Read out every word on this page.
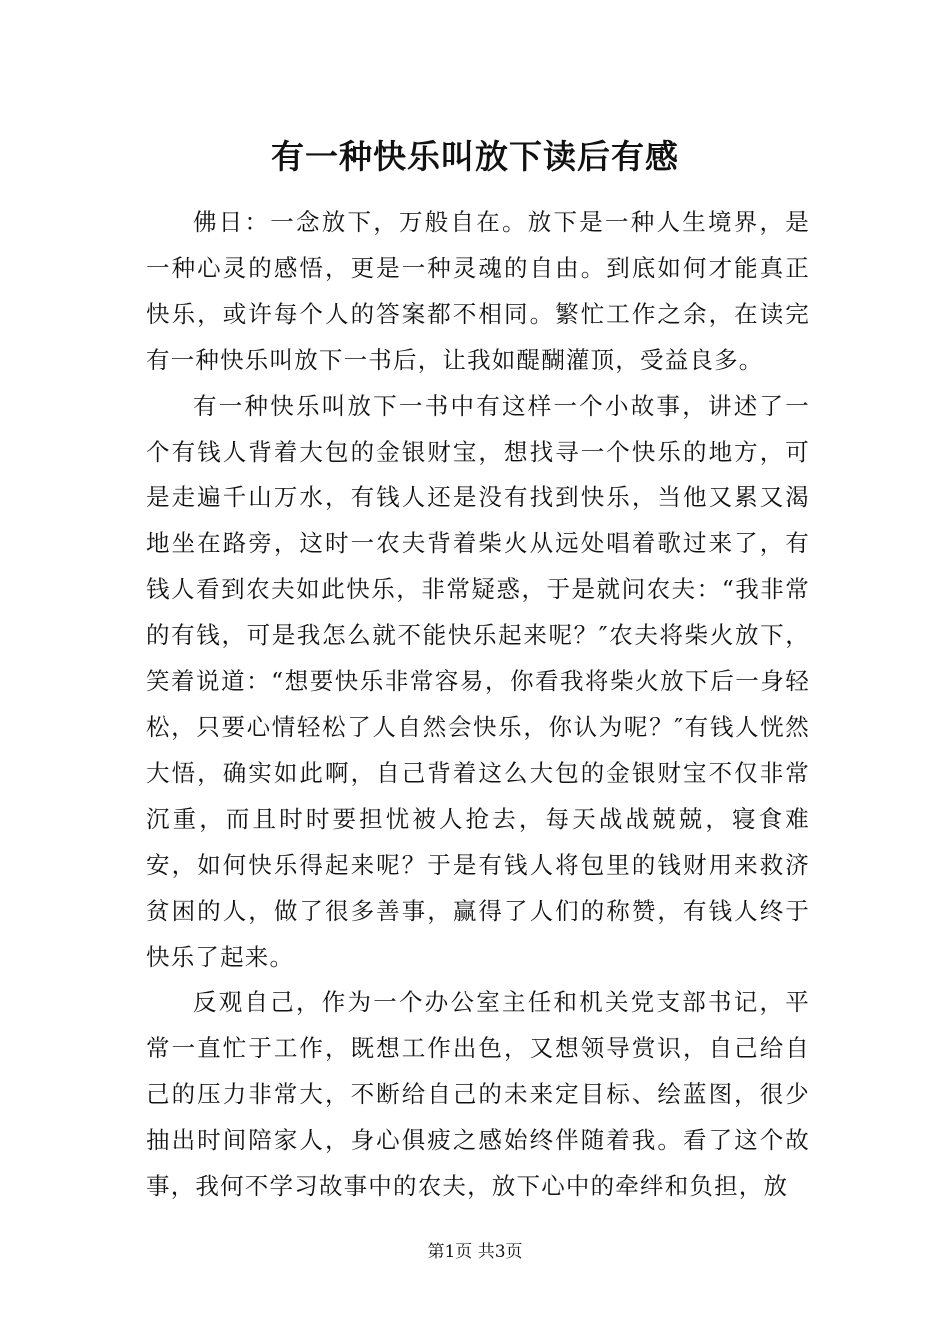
有一种快乐叫放下读后有感

佛日：一念放下，万般自在。放下是一种人生境界，是一种心灵的感悟，更是一种灵魂的自由。到底如何才能真正快乐，或许每个人的答案都不相同。繁忙工作之余，在读完有一种快乐叫放下一书后，让我如醍醐灌顶，受益良多。

有一种快乐叫放下一书中有这样一个小故事，讲述了一个有钱人背着大包的金银财宝，想找寻一个快乐的地方，可是走遍千山万水，有钱人还是没有找到快乐，当他又累又渴地坐在路旁，这时一农夫背着柴火从远处唱着歌过来了，有钱人看到农夫如此快乐，非常疑惑，于是就问农夫：“我非常的有钱，可是我怎么就不能快乐起来呢？″农夫将柴火放下，笑着说道：“想要快乐非常容易，你看我将柴火放下后一身轻松，只要心情轻松了人自然会快乐，你认为呢？″有钱人恍然大悟，确实如此啊，自己背着这么大包的金银财宝不仅非常沉重，而且时时要担忧被人抢去，每天战战兢兢，寝食难安，如何快乐得起来呢？于是有钱人将包里的钱财用来救济贫困的人，做了很多善事，赢得了人们的称赞，有钱人终于快乐了起来。

反观自己，作为一个办公室主任和机关党支部书记，平常一直忙于工作，既想工作出色，又想领导赏识，自己给自己的压力非常大，不断给自己的未来定目标、绘蓝图，很少抽出时间陪家人，身心俱疲之感始终伴随着我。看了这个故事，我何不学习故事中的农夫，放下心中的牵绊和负担，放

第1页 共3页
